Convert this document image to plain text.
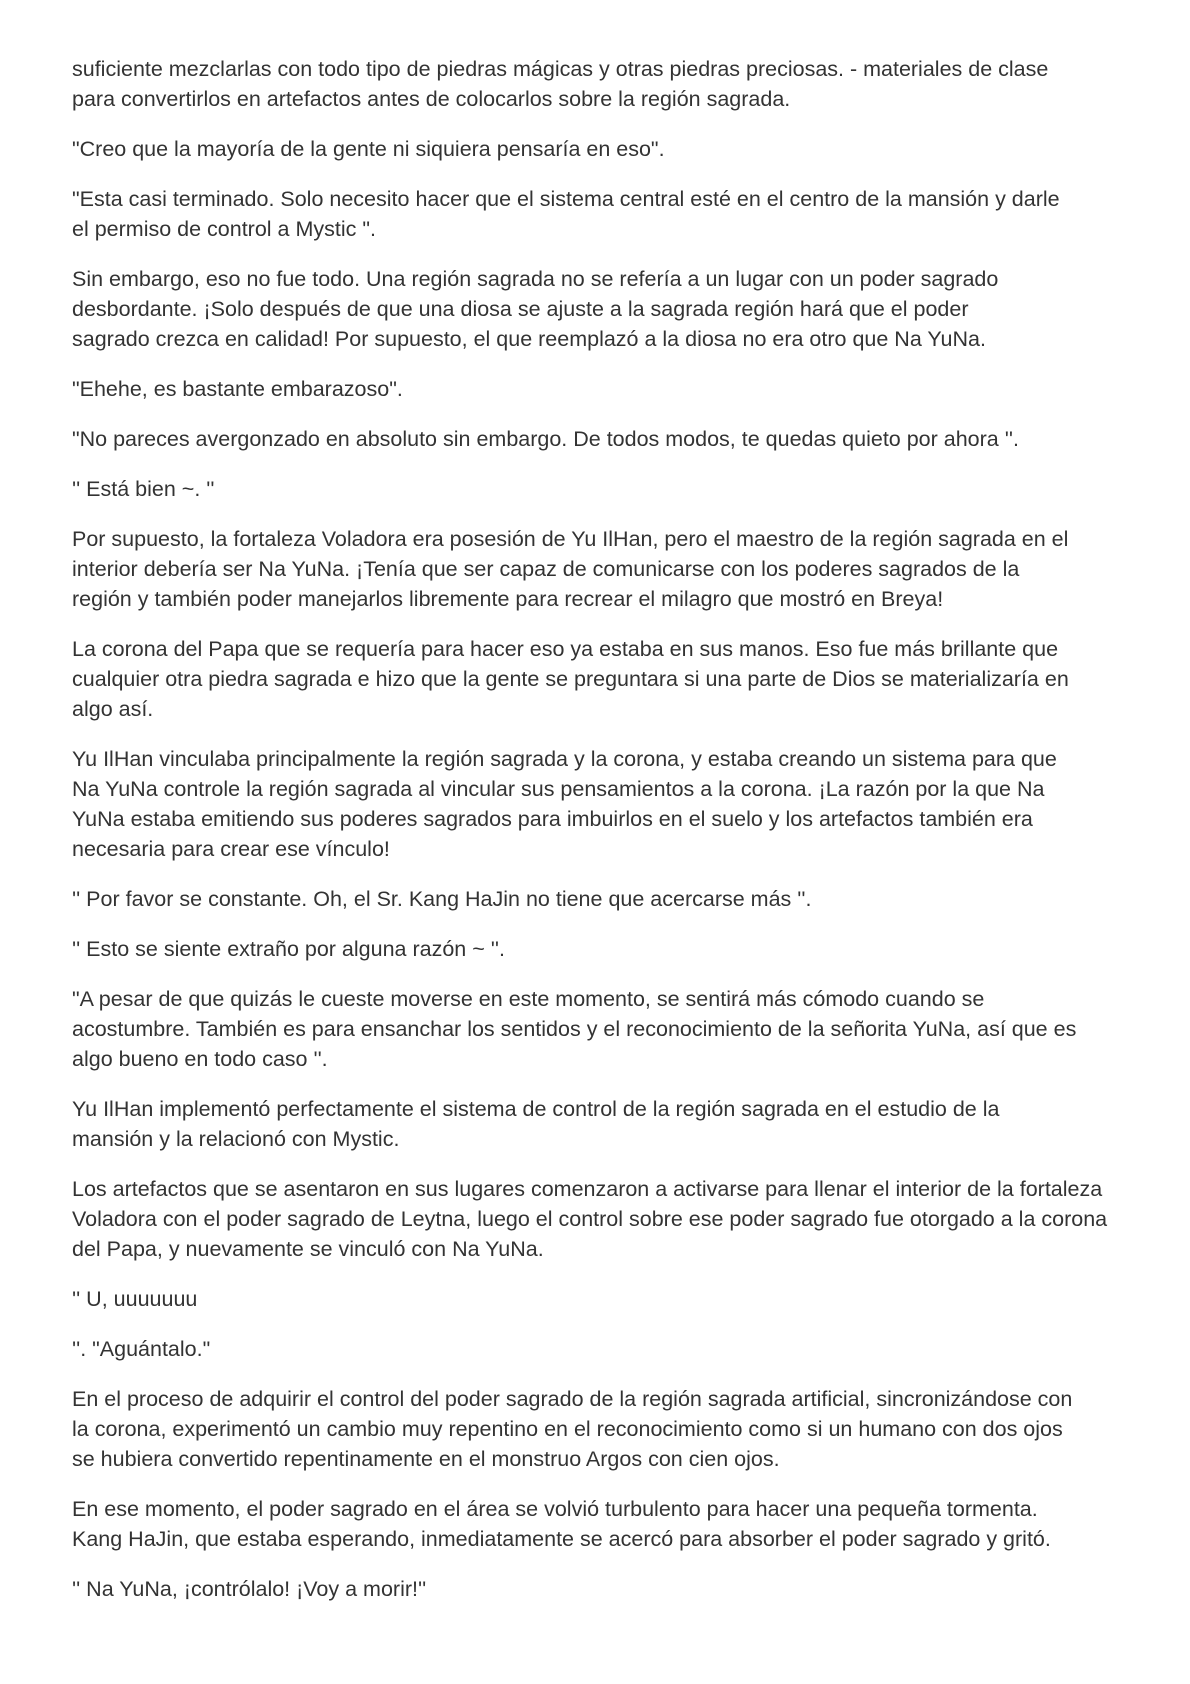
suficiente mezclarlas con todo tipo de piedras mágicas y otras piedras preciosas. - materiales de clase
para convertirlos en artefactos antes de colocarlos sobre la región sagrada.

"Creo que la mayoría de la gente ni siquiera pensaría en eso".

"Esta casi terminado. Solo necesito hacer que el sistema central esté en el centro de la mansión y darle
el permiso de control a Mystic ".

Sin embargo, eso no fue todo. Una región sagrada no se refería a un lugar con un poder sagrado
desbordante. ¡Solo después de que una diosa se ajuste a la sagrada región hará que el poder
sagrado crezca en calidad! Por supuesto, el que reemplazó a la diosa no era otro que Na YuNa.

"Ehehe, es bastante embarazoso".

"No pareces avergonzado en absoluto sin embargo. De todos modos, te quedas quieto por ahora ''.

'' Está bien ~. ''

Por supuesto, la fortaleza Voladora era posesión de Yu IlHan, pero el maestro de la región sagrada en el
interior debería ser Na YuNa. ¡Tenía que ser capaz de comunicarse con los poderes sagrados de la
región y también poder manejarlos libremente para recrear el milagro que mostró en Breya!

La corona del Papa que se requería para hacer eso ya estaba en sus manos. Eso fue más brillante que
cualquier otra piedra sagrada e hizo que la gente se preguntara si una parte de Dios se materializaría en
algo así.

Yu IlHan vinculaba principalmente la región sagrada y la corona, y estaba creando un sistema para que
Na YuNa controle la región sagrada al vincular sus pensamientos a la corona. ¡La razón por la que Na
YuNa estaba emitiendo sus poderes sagrados para imbuirlos en el suelo y los artefactos también era
necesaria para crear ese vínculo!

'' Por favor se constante. Oh, el Sr. Kang HaJin no tiene que acercarse más ''.

'' Esto se siente extraño por alguna razón ~ ''.

"A pesar de que quizás le cueste moverse en este momento, se sentirá más cómodo cuando se
acostumbre. También es para ensanchar los sentidos y el reconocimiento de la señorita YuNa, así que es
algo bueno en todo caso ''.

Yu IlHan implementó perfectamente el sistema de control de la región sagrada en el estudio de la
mansión y la relacionó con Mystic.

Los artefactos que se asentaron en sus lugares comenzaron a activarse para llenar el interior de la fortaleza
Voladora con el poder sagrado de Leytna, luego el control sobre ese poder sagrado fue otorgado a la corona
del Papa, y nuevamente se vinculó con Na YuNa.

'' U, uuuuuuu

''. "Aguántalo."

En el proceso de adquirir el control del poder sagrado de la región sagrada artificial, sincronizándose con
la corona, experimentó un cambio muy repentino en el reconocimiento como si un humano con dos ojos
se hubiera convertido repentinamente en el monstruo Argos con cien ojos.

En ese momento, el poder sagrado en el área se volvió turbulento para hacer una pequeña tormenta.
Kang HaJin, que estaba esperando, inmediatamente se acercó para absorber el poder sagrado y gritó.

'' Na YuNa, ¡contrólalo! ¡Voy a morir!''
